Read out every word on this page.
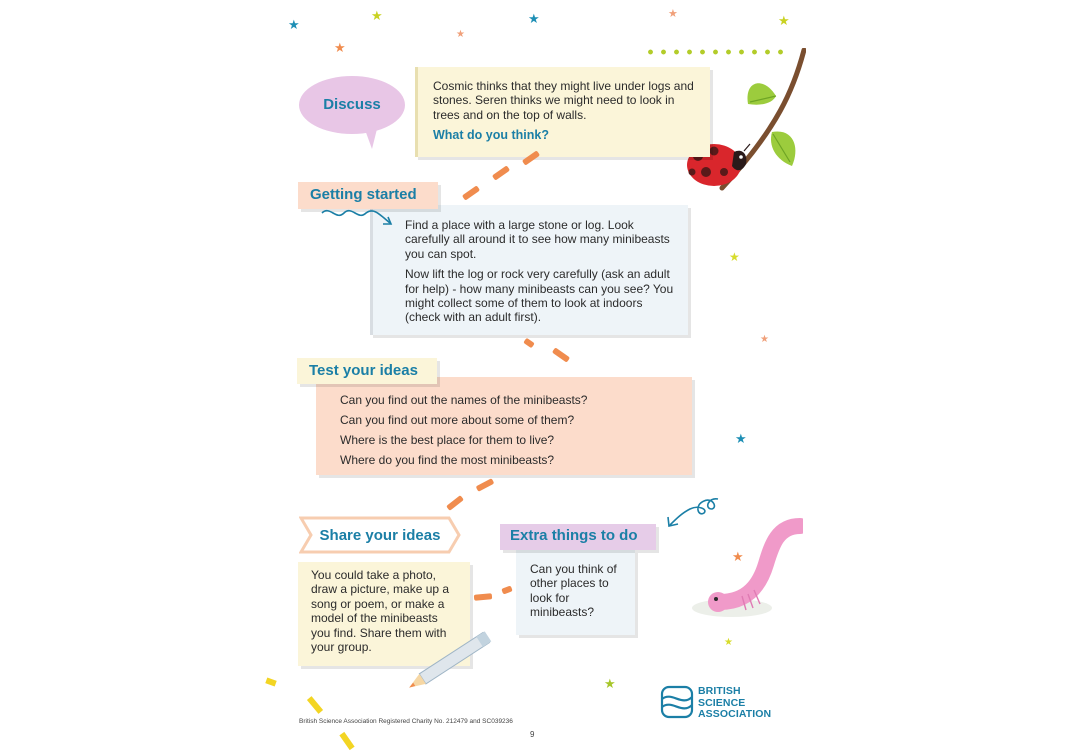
★
★	★	★	★
★
★
★
★
★
★
★
★
Discuss

Cosmic thinks that they might live under logs and stones. Seren thinks we might need to look in trees and on the top of walls.

What do you think?

Find a place with a large stone or log. Look carefully all around it to see how many minibeasts you can spot.

Now lift the log or rock very carefully (ask an adult for help) - how many minibeasts can you see? You might collect some of them to look at indoors (check with an adult first).

Getting started

Can you find out the names of the minibeasts?

Can you find out more about some of them?

Where is the best place for them to live?

Where do you find the most minibeasts?

Test your ideas
Share your ideas

You could take a photo, draw a picture, make up a song or poem, or make a model of the minibeasts you find. Share them with your group.

Can you think of other places to look for minibeasts?

Extra things to do
BRITISH
SCIENCE
ASSOCIATION
British Science Association Registered Charity No. 212479 and SC039236
9
